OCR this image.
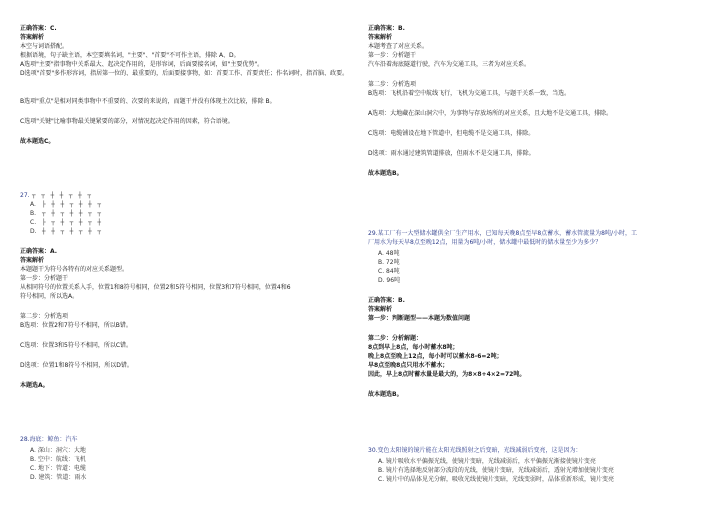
正确答案：C.
答案解析
本空与词语搭配。
根据语境，句子缺主语，本空要填名词，"主要"、"首要"不可作主语，排除 A、D。
A选项"主要"指事物中关系最大、起决定作用的，是形容词，后面要接名词，如"主要优势"。
D选项"首要"多作形容词，指居第一位的、最重要的，后面要接事物，如：首要工作、首要责任；作名词时，指首脑、政要。
B选项"重点"是相对同类事物中不重要的、次要的来说的，而题干并没有体现主次比较，排除 B。
C选项"关键"比喻事物最关键紧要的部分，对情况起决定作用的因素，符合语境。
故本题选C。
27. ┬ ┬ ┼ ┼ ┬ ┼ ┬
A. ├ ┼ ┼ ┬ ┼ ┼ ┬
B. ┬ ┼ ┬ ┼ ┼ ┬ ┬
C. ├ ┬ ┼ ┬ ┼ ┬ ┼
D. ┼ ┼ ┬ ┼ ┬ ┼ ┬
正确答案：A.
答案解析
本题题干为符号各特有的对应关系题型。
第一步：分析题干
从相同符号的位置关系入手，位置1和8符号相同，位置2和5符号相同，位置3和7符号相同，位置4和6
符号相同，所以选A。
第二步：分析选项
B选项：位置2和7符号不相同，所以B错。
C选项：位置3和5符号不相同，所以C错。
D选项：位置1和8符号不相同，所以D错。
本题选A。
28.海底：鲸鱼：汽车
A. 深山：洞穴：大地
B. 空中：航线：飞机
C. 地下：管道：电缆
D. 建筑：管道：雨水
正确答案：B.
答案解析
本题考查了对应关系。
第一步：分析题干
汽车沿着海底隧道行驶，汽车为交通工具，三者为对应关系。
第二步：分析选项
B选项：飞机沿着空中航线飞行，飞机为交通工具，与题干关系一致，当选。
A选项：大地藏在深山洞穴中，为事物与存放场所的对应关系，且大地不是交通工具，排除。
C选项：电缆铺设在地下管道中，但电缆不是交通工具，排除。
D选项：雨水通过建筑管道排放，但雨水不是交通工具，排除。
故本题选B。
29.某工厂有一大型储水罐供全厂生产用水，已知每天晚8点至早8点蓄水，蓄水管流量为8吨/小时，工
厂用水为每天早8点至晚12点，用量为6吨/小时，储水罐中最低时的储水量至少为多少？
A. 48吨
B. 72吨
C. 84吨
D. 96吨
正确答案：B.
答案解析
第一步：判断题型——本题为数值问题
第二步：分析解题：
8点到早上8点，每小时蓄水8吨；
晚上8点至晚上12点，每小时可以蓄水8-6=2吨；
早8点至晚8点只用水不蓄水；
因此，早上8点时蓄水量是最大的，为8×8+4×2=72吨。
故本题选B。
30.变色太阳镜的镜片能在太阳光线照射之后变暗，光线减弱后变亮，这是因为：
A. 镜片吸收水平偏振光线，使镜片变暗，光线减弱后，水平偏振光渐接使镜片变亮
B. 镜片有选择地反射部分波段的光线，使镜片变暗，光线减弱后，透射光增加使镜片变亮
C. 镜片中的晶体见光分解，吸收光线使镜片变暗，光线变弱时，晶体重新形成，镜片变亮
